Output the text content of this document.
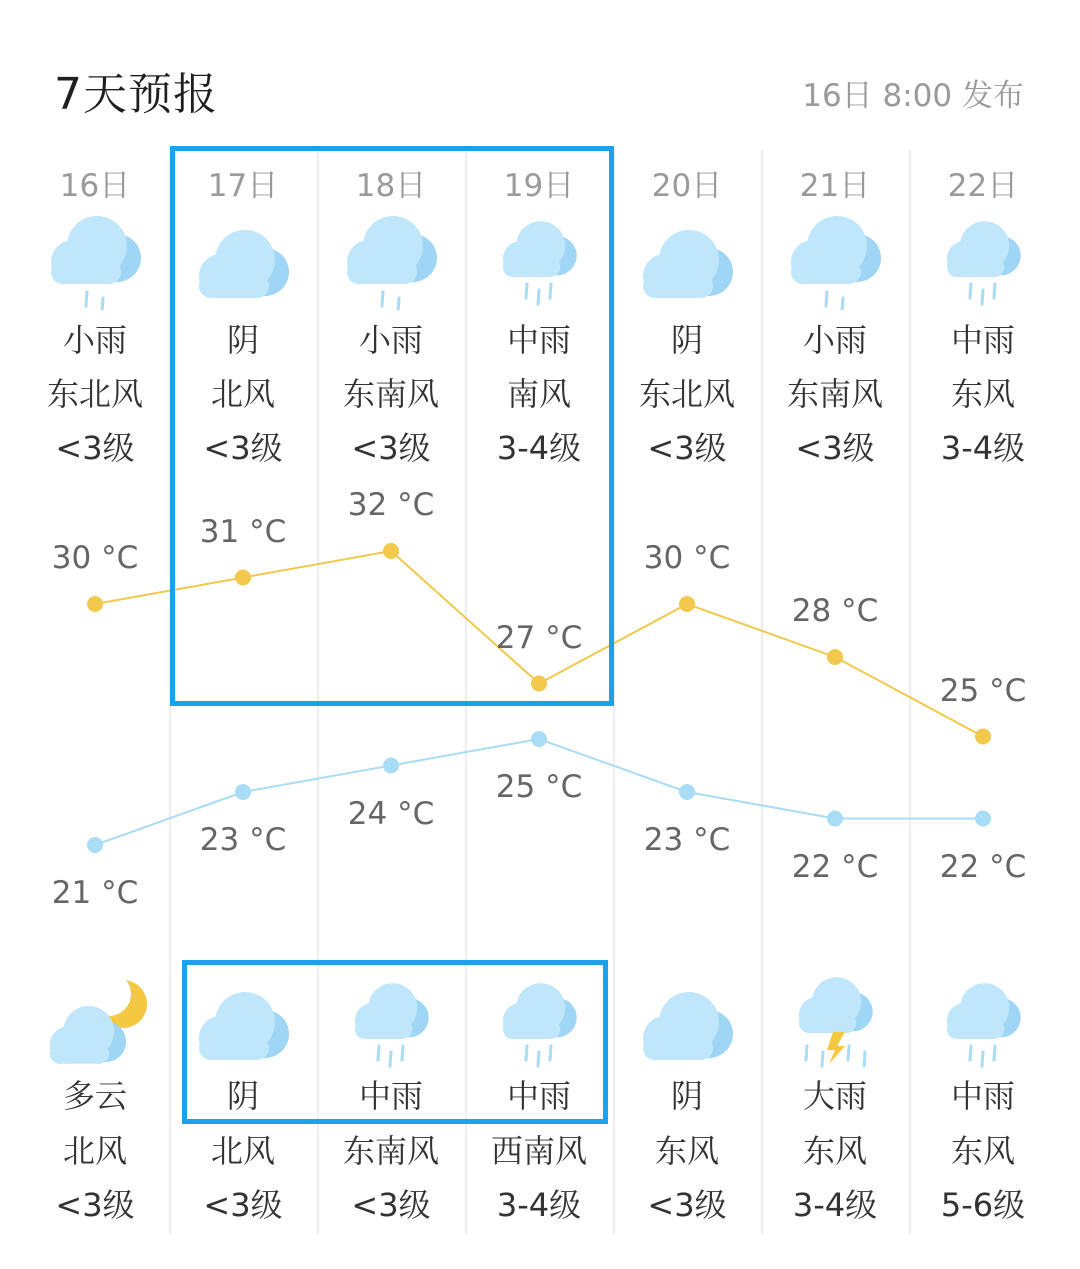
7天预报	16日 8:00 发布
16日
小雨
东北风
<3级
多云
北风
<3级
17日
阴
北风
<3级
阴
北风
<3级
18日
小雨
东南风
<3级
中雨
东南风
<3级
19日
中雨
南风
3-4级
中雨
西南风
3-4级
20日
阴
东北风
<3级
阴
东风
<3级
21日
小雨
东南风
<3级
大雨
东风
3-4级
22日
中雨
东风
3-4级
中雨
东风
5-6级
30 °C
31 °C
32 °C
27 °C
30 °C
28 °C
25 °C
21 °C
23 °C
24 °C
25 °C
23 °C
22 °C	22 °C
